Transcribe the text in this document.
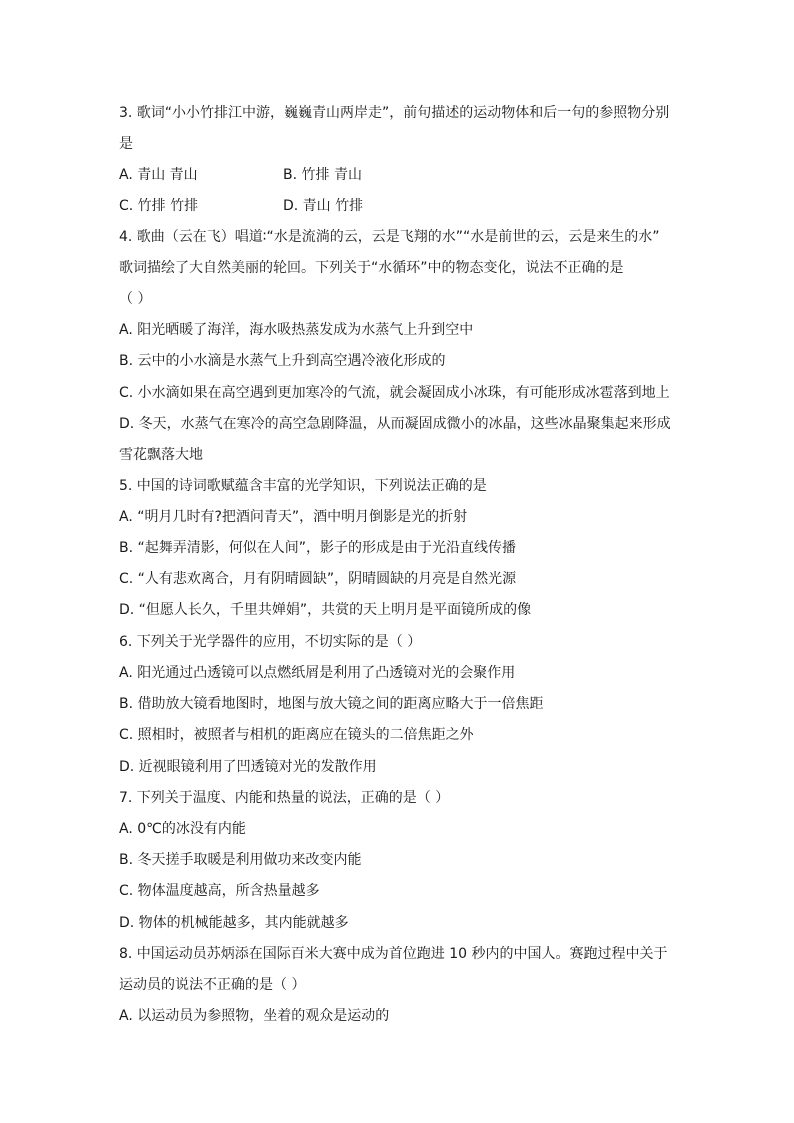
3. 歌词“小小竹排江中游，巍巍青山两岸走”，前句描述的运动物体和后一句的参照物分别
是
A. 青山 青山	B. 竹排 青山
C. 竹排 竹排	D. 青山 竹排
4. 歌曲（云在飞）唱道∶“水是流淌的云，云是飞翔的水”“水是前世的云，云是来生的水”
歌词描绘了大自然美丽的轮回。下列关于“水循环”中的物态变化，说法不正确的是
（ ）
A. 阳光晒暖了海洋，海水吸热蒸发成为水蒸气上升到空中
B. 云中的小水滴是水蒸气上升到高空遇冷液化形成的
C. 小水滴如果在高空遇到更加寒冷的气流，就会凝固成小冰珠，有可能形成冰雹落到地上
D. 冬天，水蒸气在寒冷的高空急剧降温，从而凝固成微小的冰晶，这些冰晶聚集起来形成
雪花飘落大地
5. 中国的诗词歌赋蕴含丰富的光学知识，下列说法正确的是
A. “明月几时有?把酒问青天”，酒中明月倒影是光的折射
B. “起舞弄清影，何似在人间”，影子的形成是由于光沿直线传播
C. “人有悲欢离合，月有阴晴圆缺”，阴晴圆缺的月亮是自然光源
D. “但愿人长久，千里共婵娟”，共赏的天上明月是平面镜所成的像
6. 下列关于光学器件的应用，不切实际的是（ ）
A. 阳光通过凸透镜可以点燃纸屑是利用了凸透镜对光的会聚作用
B. 借助放大镜看地图时，地图与放大镜之间的距离应略大于一倍焦距
C. 照相时，被照者与相机的距离应在镜头的二倍焦距之外
D. 近视眼镜利用了凹透镜对光的发散作用
7. 下列关于温度、内能和热量的说法，正确的是（ ）
A. 0℃的冰没有内能
B. 冬天搓手取暖是利用做功来改变内能
C. 物体温度越高，所含热量越多
D. 物体的机械能越多，其内能就越多
8. 中国运动员苏炳添在国际百米大赛中成为首位跑进 10 秒内的中国人。赛跑过程中关于
运动员的说法不正确的是（ ）
A. 以运动员为参照物，坐着的观众是运动的
